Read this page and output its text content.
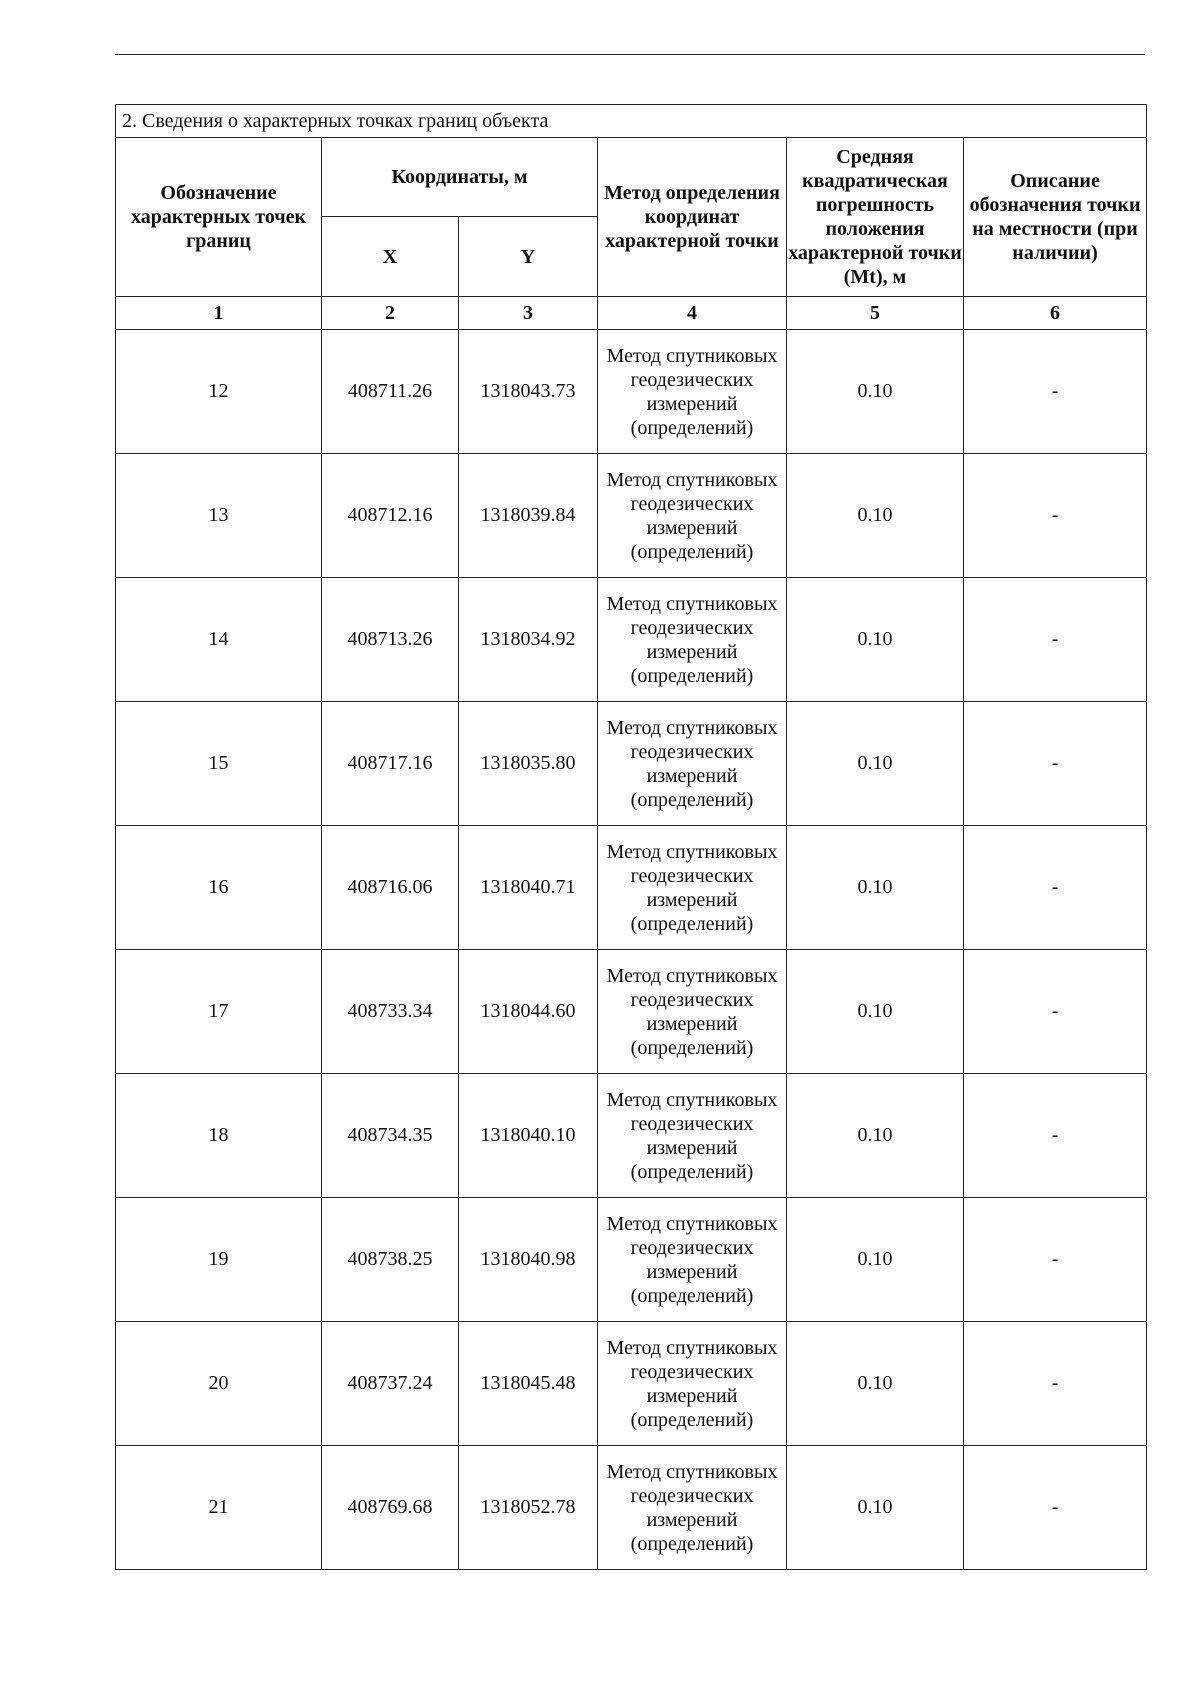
2. Сведения о характерных точках границ объекта					
Обозначение характерных точек границ	Координаты, м		Метод определения координат характерной точки	Средняя квадратическая погрешность положения характерной точки (Mt), м	Описание обозначения точки на местности (при наличии)
	X	Y			
1	2	3	4	5	6
12	408711.26	1318043.73	Метод спутниковых геодезических измерений (определений)	0.10	-
13	408712.16	1318039.84	Метод спутниковых геодезических измерений (определений)	0.10	-
14	408713.26	1318034.92	Метод спутниковых геодезических измерений (определений)	0.10	-
15	408717.16	1318035.80	Метод спутниковых геодезических измерений (определений)	0.10	-
16	408716.06	1318040.71	Метод спутниковых геодезических измерений (определений)	0.10	-
17	408733.34	1318044.60	Метод спутниковых геодезических измерений (определений)	0.10	-
18	408734.35	1318040.10	Метод спутниковых геодезических измерений (определений)	0.10	-
19	408738.25	1318040.98	Метод спутниковых геодезических измерений (определений)	0.10	-
20	408737.24	1318045.48	Метод спутниковых геодезических измерений (определений)	0.10	-
21	408769.68	1318052.78	Метод спутниковых геодезических измерений (определений)	0.10	-
